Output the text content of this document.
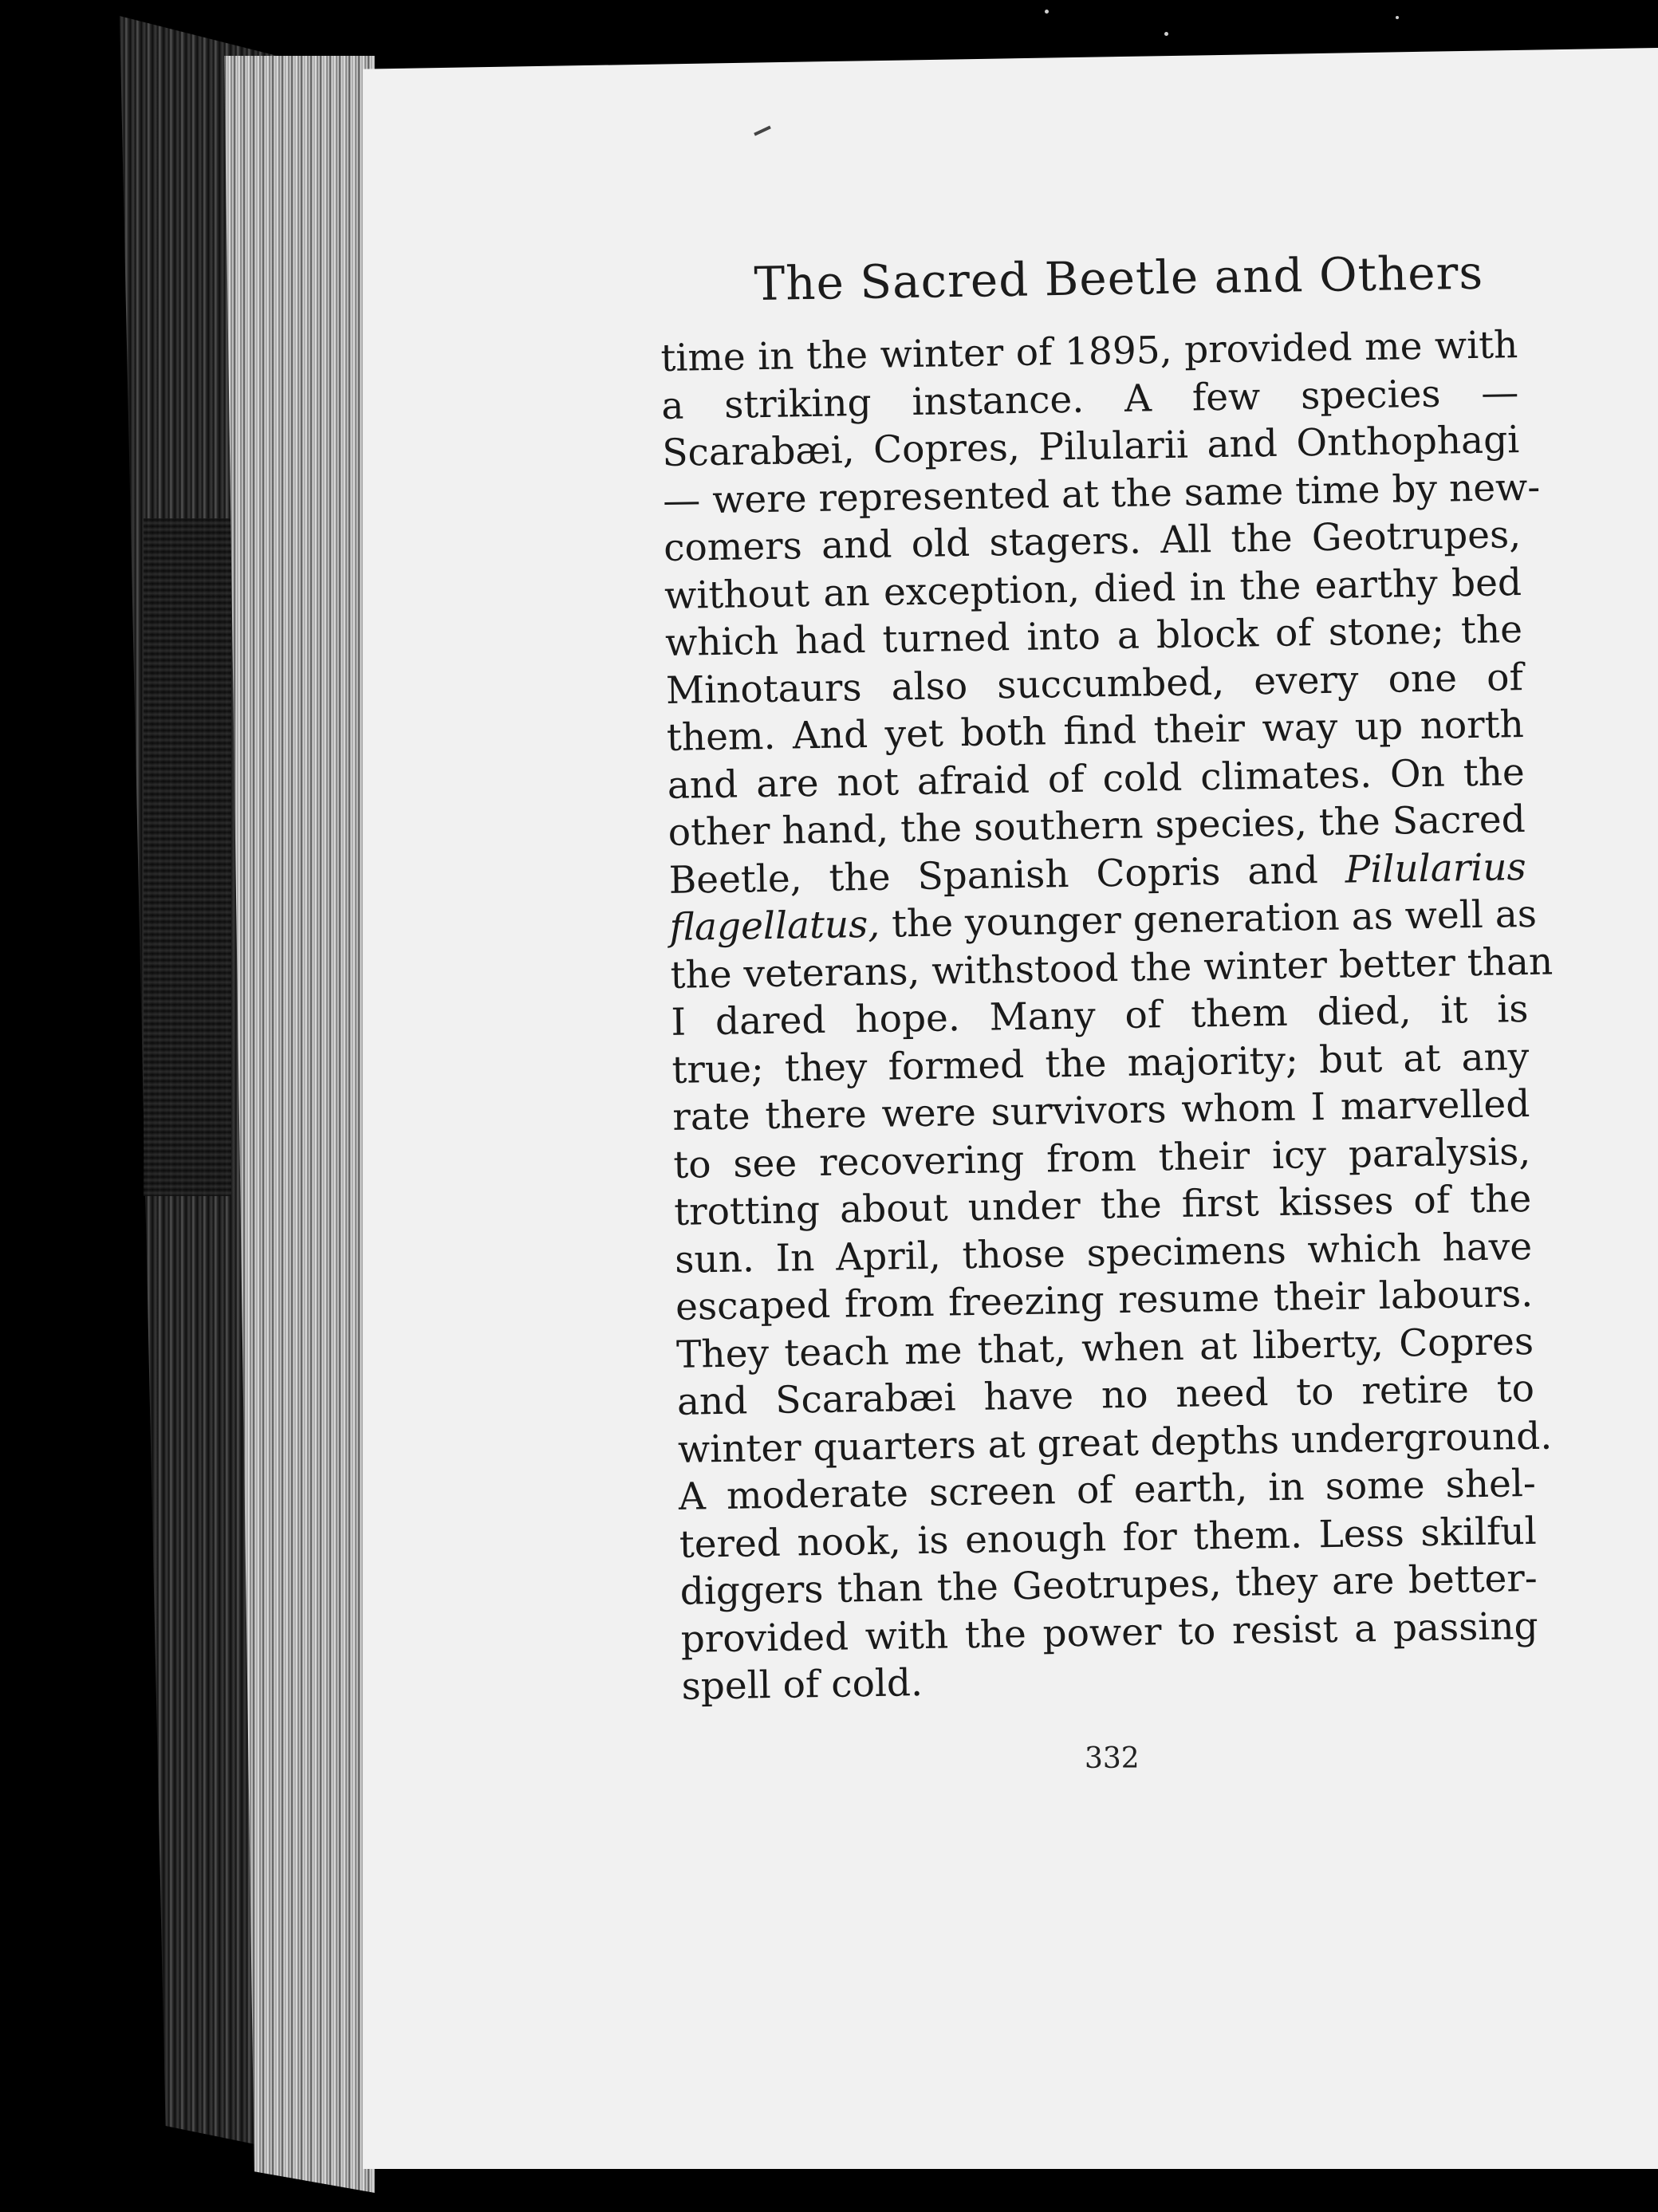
The Sacred Beetle and Others
time in the winter of 1895, provided me with
a striking instance. A few species —
Scarabæi, Copres, Pilularii and Onthophagi
— were represented at the same time by new-
comers and old stagers. All the Geotrupes,
without an exception, died in the earthy bed
which had turned into a block of stone; the
Minotaurs also succumbed, every one of
them. And yet both find their way up north
and are not afraid of cold climates. On the
other hand, the southern species, the Sacred
Beetle, the Spanish Copris and Pilularius
flagellatus, the younger generation as well as
the veterans, withstood the winter better than
I dared hope. Many of them died, it is
true; they formed the majority; but at any
rate there were survivors whom I marvelled
to see recovering from their icy paralysis,
trotting about under the first kisses of the
sun. In April, those specimens which have
escaped from freezing resume their labours.
They teach me that, when at liberty, Copres
and Scarabæi have no need to retire to
winter quarters at great depths underground.
A moderate screen of earth, in some shel-
tered nook, is enough for them. Less skilful
diggers than the Geotrupes, they are better-
provided with the power to resist a passing
spell of cold.
332
